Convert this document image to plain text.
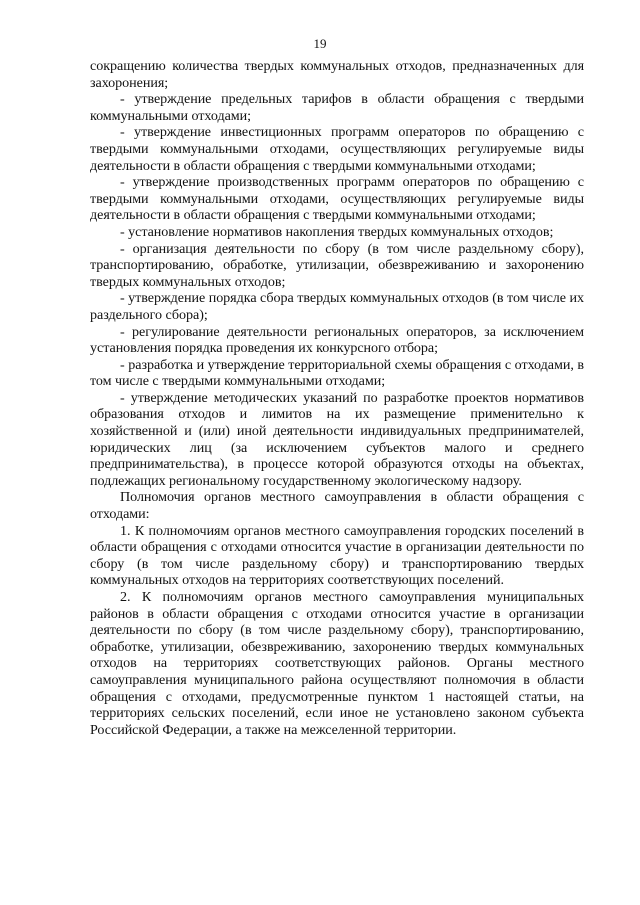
19

сокращению количества твердых коммунальных отходов, предназначенных для захоронения;

- утверждение предельных тарифов в области обращения с твердыми коммунальными отходами;

- утверждение инвестиционных программ операторов по обращению с твердыми коммунальными отходами, осуществляющих регулируемые виды деятельности в области обращения с твердыми коммунальными отходами;

- утверждение производственных программ операторов по обращению с твердыми коммунальными отходами, осуществляющих регулируемые виды деятельности в области обращения с твердыми коммунальными отходами;

- установление нормативов накопления твердых коммунальных отходов;

- организация деятельности по сбору (в том числе раздельному сбору), транспортированию, обработке, утилизации, обезвреживанию и захоронению твердых коммунальных отходов;

- утверждение порядка сбора твердых коммунальных отходов (в том числе их раздельного сбора);

- регулирование деятельности региональных операторов, за исключением установления порядка проведения их конкурсного отбора;

- разработка и утверждение территориальной схемы обращения с отходами, в том числе с твердыми коммунальными отходами;

- утверждение методических указаний по разработке проектов нормативов образования отходов и лимитов на их размещение применительно к хозяйственной и (или) иной деятельности индивидуальных предпринимателей, юридических лиц (за исключением субъектов малого и среднего предпринимательства), в процессе которой образуются отходы на объектах, подлежащих региональному государственному экологическому надзору.

Полномочия органов местного самоуправления в области обращения с отходами:

1. К полномочиям органов местного самоуправления городских поселений в области обращения с отходами относится участие в организации деятельности по сбору (в том числе раздельному сбору) и транспортированию твердых коммунальных отходов на территориях соответствующих поселений.

2. К полномочиям органов местного самоуправления муниципальных районов в области обращения с отходами относится участие в организации деятельности по сбору (в том числе раздельному сбору), транспортированию, обработке, утилизации, обезвреживанию, захоронению твердых коммунальных отходов на территориях соответствующих районов. Органы местного самоуправления муниципального района осуществляют полномочия в области обращения с отходами, предусмотренные пунктом 1 настоящей статьи, на территориях сельских поселений, если иное не установлено законом субъекта Российской Федерации, а также на межселенной территории.
